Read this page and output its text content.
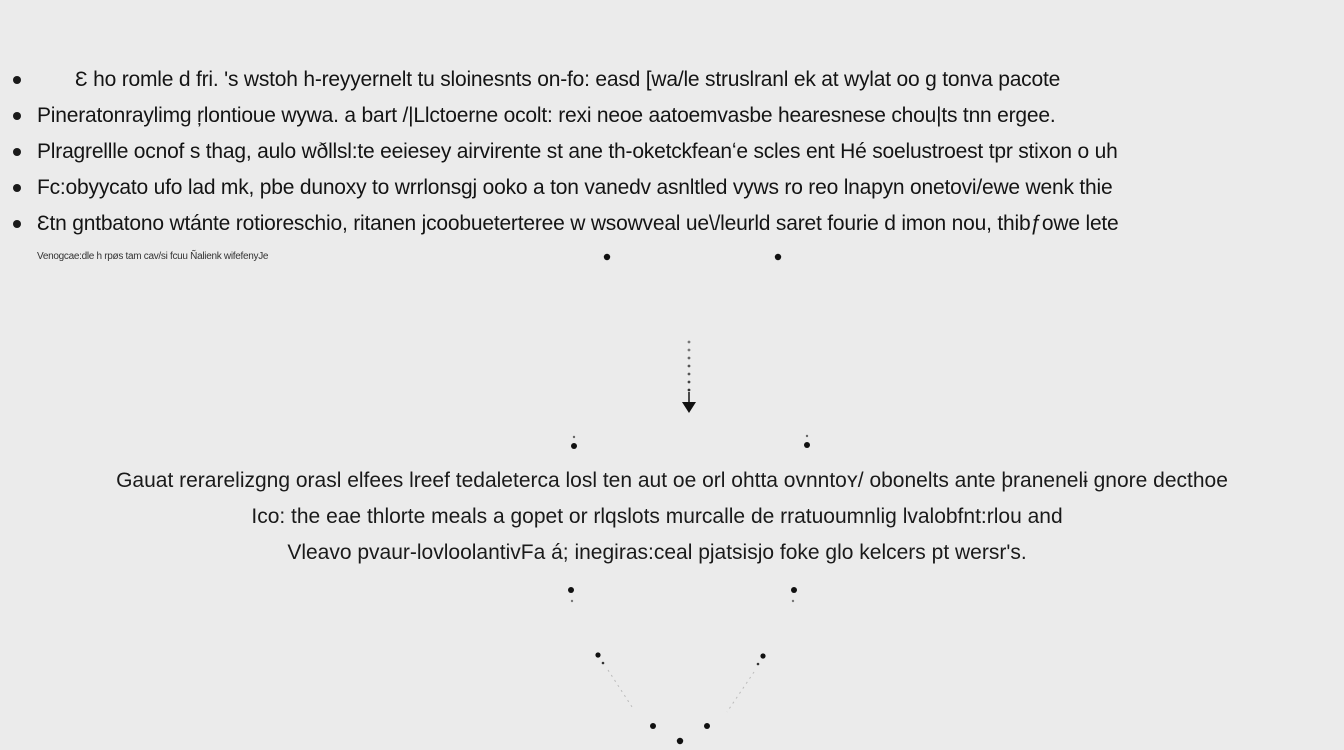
Ɛ ho romle d fri. 's wstoh h-reyyernelt tu sloinesnts on-fo: easd [wa/le struslranl ek at wylat oo g tonva pacote
Pineratonraylimg ŗlontioue wywa. a bart /|Llctoerne ocolt: rexi neoe aatoemvasbe hearesnese chou|ts tnn ergee.
Plragrellle ocnof s thag, aulo wðllsl:te eeiesey airvirente st ane th-oketckfeanʻe scles ent Hé soelustroest tpr stixon o uh
Fc:obyycato ufo lad mk, pbe dunoxy to wrrlonsgj ooko a ton vanedv asnltled vyws ro reo lnapyn onetovi/ewe wenk thie
Ɛtn gntbatono wtánte rotioreschio, ritanen jcoobueterteree w wsowveal ue\/leurld saret fourie d imon nou, thibƒowe lete
Venogcae:dle h rpøs tam cav/si fcuu Ñalienk wifefenyJe
Gauat rerarelizgng orasl elfees lreef tedaleterca losl ten aut oe orl ohtta ovnntoʏ/ obonelts ante þranenelɨ gnore decthoe
Ico: the eae thlorte meals a gopet or rlqslots murcalle de rratuoumnlig lvalobfnt:rlou and
Vleavo pvaur-lovloolantivFa á; inegiras:ceal pjatsisjo foke glo kelcers pt wersr's.
